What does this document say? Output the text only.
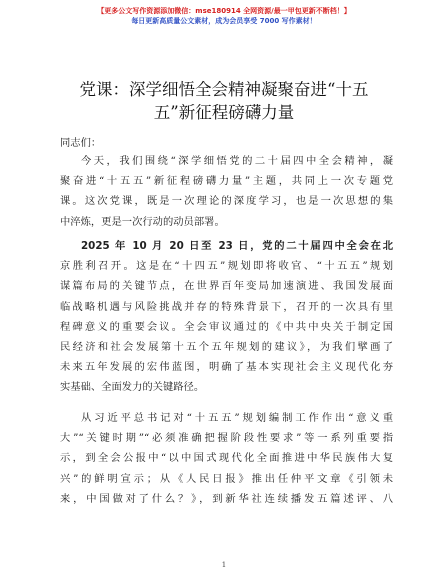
【更多公文写作资源添加微信：mse180914 全网资源/最一甲包更新不断档！】
每日更新高质量公文素材，成为会员享受 7000 写作素材！
党课：深学细悟全会精神凝聚奋进“十五
五”新征程磅礴力量
同志们：
今天，我们围绕“深学细悟党的二十届四中全会精神，凝
聚奋进“十五五”新征程磅礴力量”主题，共同上一次专题党
课。这次党课，既是一次理论的深度学习，也是一次思想的集
中淬炼，更是一次行动的动员部署。
2025 年 10 月 20 日至 23 日，党的二十届四中全会在北
京胜利召开。这是在“十四五”规划即将收官、“十五五”规划
谋篇布局的关键节点，在世界百年变局加速演进、我国发展面
临战略机遇与风险挑战并存的特殊背景下，召开的一次具有里
程碑意义的重要会议。全会审议通过的《中共中央关于制定国
民经济和社会发展第十五个五年规划的建议》，为我们擘画了
未来五年发展的宏伟蓝图，明确了基本实现社会主义现代化夯
实基础、全面发力的关键路径。
从习近平总书记对“十五五”规划编制工作作出“意义重
大”“关键时期”“必须准确把握阶段性要求”等一系列重要指
示，到全会公报中“以中国式现代化全面推进中华民族伟大复
兴”的鲜明宣示；从《人民日报》推出任仲平文章《引领未
来，中国做对了什么？》，到新华社连续播发五篇述评、八
1
